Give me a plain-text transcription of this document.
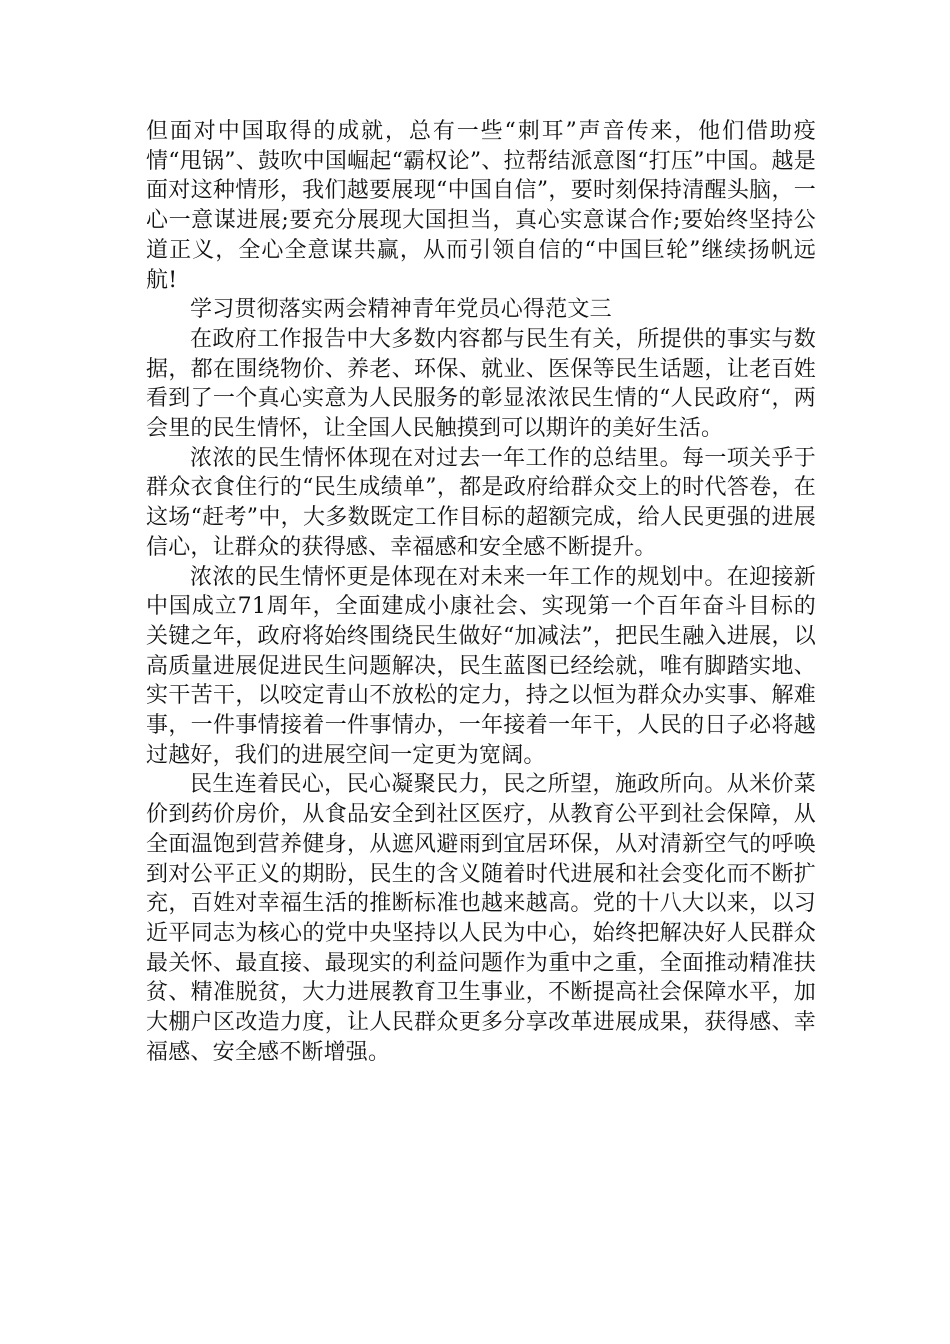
但面对中国取得的成就，总有一些“刺耳”声音传来，他们借助疫情“甩锅”、鼓吹中国崛起“霸权论”、拉帮结派意图“打压”中国。越是面对这种情形，我们越要展现“中国自信”，要时刻保持清醒头脑，一心一意谋进展;要充分展现大国担当，真心实意谋合作;要始终坚持公道正义，全心全意谋共赢，从而引领自信的“中国巨轮”继续扬帆远航!

学习贯彻落实两会精神青年党员心得范文三

在政府工作报告中大多数内容都与民生有关，所提供的事实与数据，都在围绕物价、养老、环保、就业、医保等民生话题，让老百姓看到了一个真心实意为人民服务的彰显浓浓民生情的“人民政府“，两会里的民生情怀，让全国人民触摸到可以期许的美好生活。

浓浓的民生情怀体现在对过去一年工作的总结里。每一项关乎于群众衣食住行的“民生成绩单”，都是政府给群众交上的时代答卷，在这场“赶考”中，大多数既定工作目标的超额完成，给人民更强的进展信心，让群众的获得感、幸福感和安全感不断提升。

浓浓的民生情怀更是体现在对未来一年工作的规划中。在迎接新中国成立71周年，全面建成小康社会、实现第一个百年奋斗目标的关键之年，政府将始终围绕民生做好“加减法”，把民生融入进展，以高质量进展促进民生问题解决，民生蓝图已经绘就，唯有脚踏实地、实干苦干，以咬定青山不放松的定力，持之以恒为群众办实事、解难事，一件事情接着一件事情办，一年接着一年干，人民的日子必将越过越好，我们的进展空间一定更为宽阔。

民生连着民心，民心凝聚民力，民之所望，施政所向。从米价菜价到药价房价，从食品安全到社区医疗，从教育公平到社会保障，从全面温饱到营养健身，从遮风避雨到宜居环保，从对清新空气的呼唤到对公平正义的期盼，民生的含义随着时代进展和社会变化而不断扩充，百姓对幸福生活的推断标准也越来越高。党的十八大以来，以习近平同志为核心的党中央坚持以人民为中心，始终把解决好人民群众最关怀、最直接、最现实的利益问题作为重中之重，全面推动精准扶贫、精准脱贫，大力进展教育卫生事业，不断提高社会保障水平，加大棚户区改造力度，让人民群众更多分享改革进展成果，获得感、幸福感、安全感不断增强。
